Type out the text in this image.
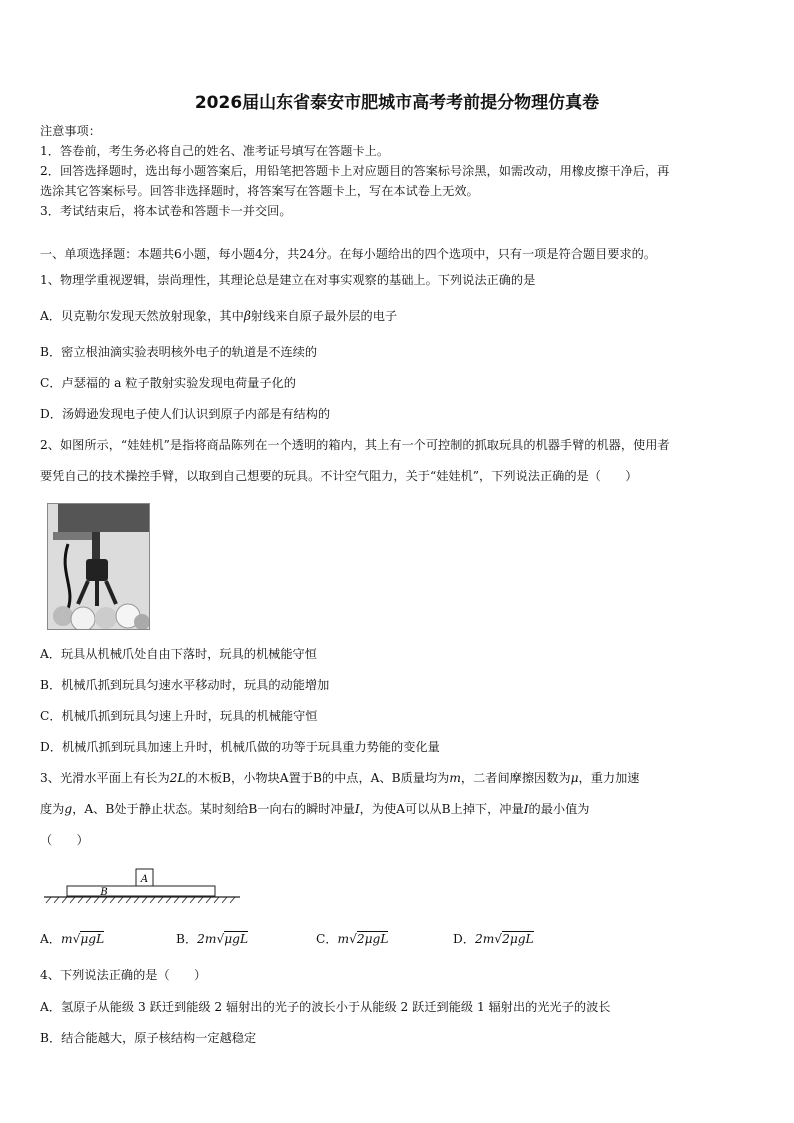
2026届山东省泰安市肥城市高考考前提分物理仿真卷
注意事项：
1．答卷前，考生务必将自己的姓名、准考证号填写在答题卡上。
2．回答选择题时，选出每小题答案后，用铅笔把答题卡上对应题目的答案标号涂黑，如需改动，用橡皮擦干净后，再
选涂其它答案标号。回答非选择题时，将答案写在答题卡上，写在本试卷上无效。
3．考试结束后，将本试卷和答题卡一并交回。
一、单项选择题：本题共6小题，每小题4分，共24分。在每小题给出的四个选项中，只有一项是符合题目要求的。
1、物理学重视逻辑，崇尚理性，其理论总是建立在对事实观察的基础上。下列说法正确的是
A．贝克勒尔发现天然放射现象，其中β射线来自原子最外层的电子
B．密立根油滴实验表明核外电子的轨道是不连续的
C．卢瑟福的 a 粒子散射实验发现电荷量子化的
D．汤姆逊发现电子使人们认识到原子内部是有结构的
2、如图所示，“娃娃机”是指将商品陈列在一个透明的箱内，其上有一个可控制的抓取玩具的机器手臂的机器，使用者
要凭自己的技术操控手臂，以取到自己想要的玩具。不计空气阻力，关于“娃娃机”，下列说法正确的是（　　）
A．玩具从机械爪处自由下落时，玩具的机械能守恒
B．机械爪抓到玩具匀速水平移动时，玩具的动能增加
C．机械爪抓到玩具匀速上升时，玩具的机械能守恒
D．机械爪抓到玩具加速上升时，机械爪做的功等于玩具重力势能的变化量
3、光滑水平面上有长为2L的木板B，小物块A置于B的中点，A、B质量均为m，二者间摩擦因数为μ，重力加速
度为g，A、B处于静止状态。某时刻给B一向右的瞬时冲量I，为使A可以从B上掉下，冲量I的最小值为
（　　）
A
B
A．m√μgL	B．2m√μgL	C．m√2μgL	D．2m√2μgL
4、下列说法正确的是（　　）
A．氢原子从能级 3 跃迁到能级 2 辐射出的光子的波长小于从能级 2 跃迁到能级 1 辐射出的光光子的波长
B．结合能越大，原子核结构一定越稳定
